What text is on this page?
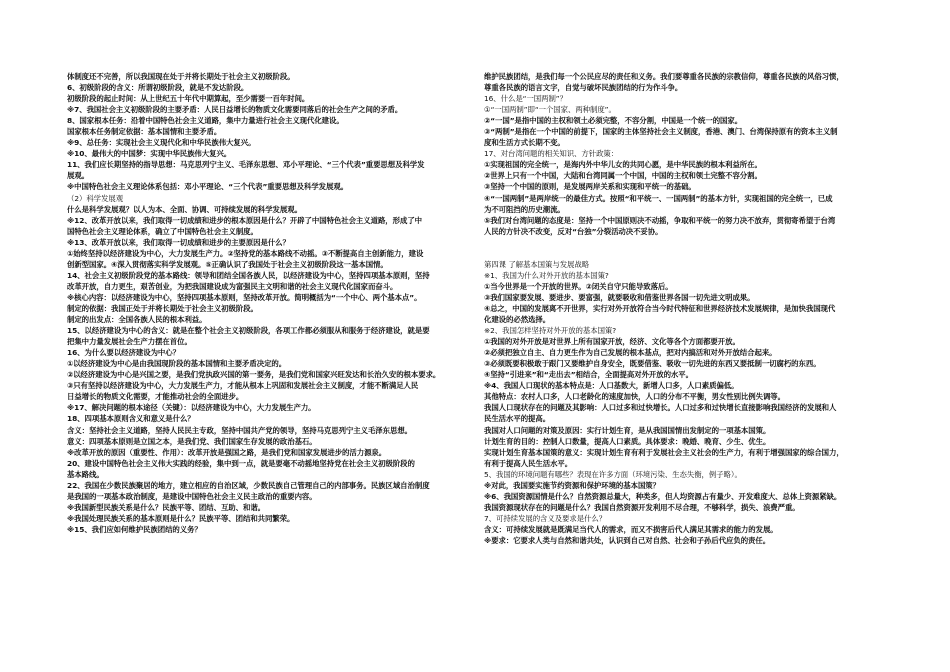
体制度还不完善，所以我国现在处于并将长期处于社会主义初级阶段。
6、初级阶段的含义：所谓初级阶段，就是不发达阶段。
初级阶段的起止时间：从上世纪五十年代中期算起，至少需要一百年时间。
※7、我国社会主义初级阶段的主要矛盾：人民日益增长的物质文化需要同落后的社会生产之间的矛盾。
8、国家根本任务：沿着中国特色社会主义道路，集中力量进行社会主义现代化建设。
国家根本任务制定依据：基本国情和主要矛盾。
※9、总任务：实现社会主义现代化和中华民族伟大复兴。
※10、最伟大的中国梦：实现中华民族伟大复兴。
11、我们应长期坚持的指导思想：马克思列宁主义、毛泽东思想、邓小平理论、“三个代表”重要思想及科学发
展观。
※中国特色社会主义理论体系包括：邓小平理论、“三个代表”重要思想及科学发展观。
（2）科学发展观
什么是科学发展观？以人为本、全面、协调、可持续发展的科学发展观。
※12、改革开放以来，我们取得一切成绩和进步的根本原因是什么？开辟了中国特色社会主义道路，形成了中
国特色社会主义理论体系，确立了中国特色社会主义制度。
※13、改革开放以来，我们取得一切成绩和进步的主要原因是什么？
①始终坚持以经济建设为中心，大力发展生产力。②坚持党的基本路线不动摇。③不断提高自主创新能力，建设
创新型国家。④深入贯彻落实科学发展观。⑤正确认识了我国处于社会主义初级阶段这一基本国情。
14、社会主义初级阶段党的基本路线：领导和团结全国各族人民，以经济建设为中心，坚持四项基本原则，坚持
改革开放，自力更生，艰苦创业，为把我国建设成为富强民主文明和谐的社会主义现代化国家而奋斗。
※核心内容：以经济建设为中心，坚持四项基本原则，坚持改革开放。简明概括为“一个中心、两个基本点”。
制定的依据：我国正处于并将长期处于社会主义初级阶段。
制定的出发点：全国各族人民的根本利益。
15、以经济建设为中心的含义：就是在整个社会主义初级阶段，各项工作都必须服从和服务于经济建设，就是要
把集中力量发展社会生产力摆在首位。
16、为什么要以经济建设为中心？
①以经济建设为中心是由我国现阶段的基本国情和主要矛盾决定的。
②以经济建设为中心是兴国之要，是我们党执政兴国的第一要务，是我们党和国家兴旺发达和长治久安的根本要求。
③只有坚持以经济建设为中心，大力发展生产力，才能从根本上巩固和发展社会主义制度，才能不断满足人民
日益增长的物质文化需要，才能推动社会的全面进步。
※17、解决问题的根本途径（关键）：以经济建设为中心，大力发展生产力。
18、四项基本原则含义和意义是什么？
含义：坚持社会主义道路，坚持人民民主专政，坚持中国共产党的领导，坚持马克思列宁主义毛泽东思想。
意义：四项基本原则是立国之本，是我们党、我们国家生存发展的政治基石。
※改革开放的原因（重要性、作用）：改革开放是强国之路，是我们党和国家发展进步的活力源泉。
20、建设中国特色社会主义伟大实践的经验，集中到一点，就是要毫不动摇地坚持党在社会主义初级阶段的
基本路线。
22、我国在少数民族聚居的地方，建立相应的自治区域，少数民族自己管理自己的内部事务。民族区域自治制度
是我国的一项基本政治制度，是建设中国特色社会主义民主政治的重要内容。
※我国新型民族关系是什么？民族平等、团结、互助、和谐。
※我国处理民族关系的基本原则是什么？民族平等、团结和共同繁荣。
※15、我们应如何维护民族团结的义务？
维护民族团结，是我们每一个公民应尽的责任和义务。我们要尊重各民族的宗教信仰，尊重各民族的风俗习惯，
尊重各民族的语言文字，自觉与破坏民族团结的行为作斗争。
16、什么是“一国两制”？
①“一国两制”即“一个国家、两种制度”。
②“一国”是指中国的主权和领土必须完整，不容分割，中国是一个统一的国家。
③“两制”是指在一个中国的前提下，国家的主体坚持社会主义制度，香港、澳门、台湾保持原有的资本主义制
度和生活方式长期不变。
17、对台湾问题的相关知识、方针政策：
①实现祖国的完全统一，是海内外中华儿女的共同心愿，是中华民族的根本利益所在。
②世界上只有一个中国，大陆和台湾同属一个中国，中国的主权和领土完整不容分割。
③坚持一个中国的原则，是发展两岸关系和实现和平统一的基础。
④“一国两制”是两岸统一的最佳方式。按照“和平统一、一国两制”的基本方针，实现祖国的完全统一，已成
为不可阻挡的历史潮流。
⑤我们对台湾问题的态度是：坚持一个中国原则决不动摇，争取和平统一的努力决不放弃，贯彻寄希望于台湾
人民的方针决不改变，反对“台独”分裂活动决不妥协。
第四课 了解基本国策与发展战略
※1、我国为什么对外开放的基本国策?
①当今世界是一个开放的世界。②闭关自守只能导致落后。
③我们国家要发展、要进步、要富强，就要吸收和借鉴世界各国一切先进文明成果。
④总之，中国的发展离不开世界，实行对外开放符合当今时代特征和世界经济技术发展规律，是加快我国现代
化建设的必然选择。
※2、我国怎样坚持对外开放的基本国策?
①我国的对外开放是对世界上所有国家开放，经济、文化等各个方面都要开放。
②必须把独立自主、自力更生作为自己发展的根本基点，把对内搞活和对外开放结合起来。
③必须既要积极敢于跟门又要维护自身安全，既要借鉴、吸收一切先进的东西又要抵制一切腐朽的东西。
④坚持“引进来”和“走出去”相结合，全面提高对外开放的水平。
※4、我国人口现状的基本特点是：人口基数大，新增人口多，人口素质偏低。
其他特点：农村人口多，人口老龄化的速度加快，人口的分布不平衡，男女性别比例失调等。
我国人口现状存在的问题及其影响：人口过多和过快增长。人口过多和过快增长直接影响我国经济的发展和人
民生活水平的提高。
我国对人口问题的对策及原因：实行计划生育，是从我国国情出发制定的一项基本国策。
计划生育的目的：控制人口数量，提高人口素质。具体要求：晚婚、晚育、少生、优生。
实现计划生育基本国策的意义：实现计划生育有利于发展社会主义社会的生产力，有利于增强国家的综合国力，
有利于提高人民生活水平。
5、我国的环境问题有哪些？表现在许多方面（环境污染、生态失衡，例子略）。
※对此，我国要实施节约资源和保护环境的基本国策？
※6、我国资源国情是什么？自然资源总量大，种类多，但人均资源占有量少、开发难度大、总体上资源紧缺。
我国资源现状存在的问题是什么？我国自然资源开发利用不尽合理，不够科学，损失、浪费严重。
7、可持续发展的含义及要求是什么？
含义：可持续发展就是既满足当代人的需求，而又不损害后代人满足其需求的能力的发展。
※要求：它要求人类与自然和谐共处，认识到自己对自然、社会和子孙后代应负的责任。
